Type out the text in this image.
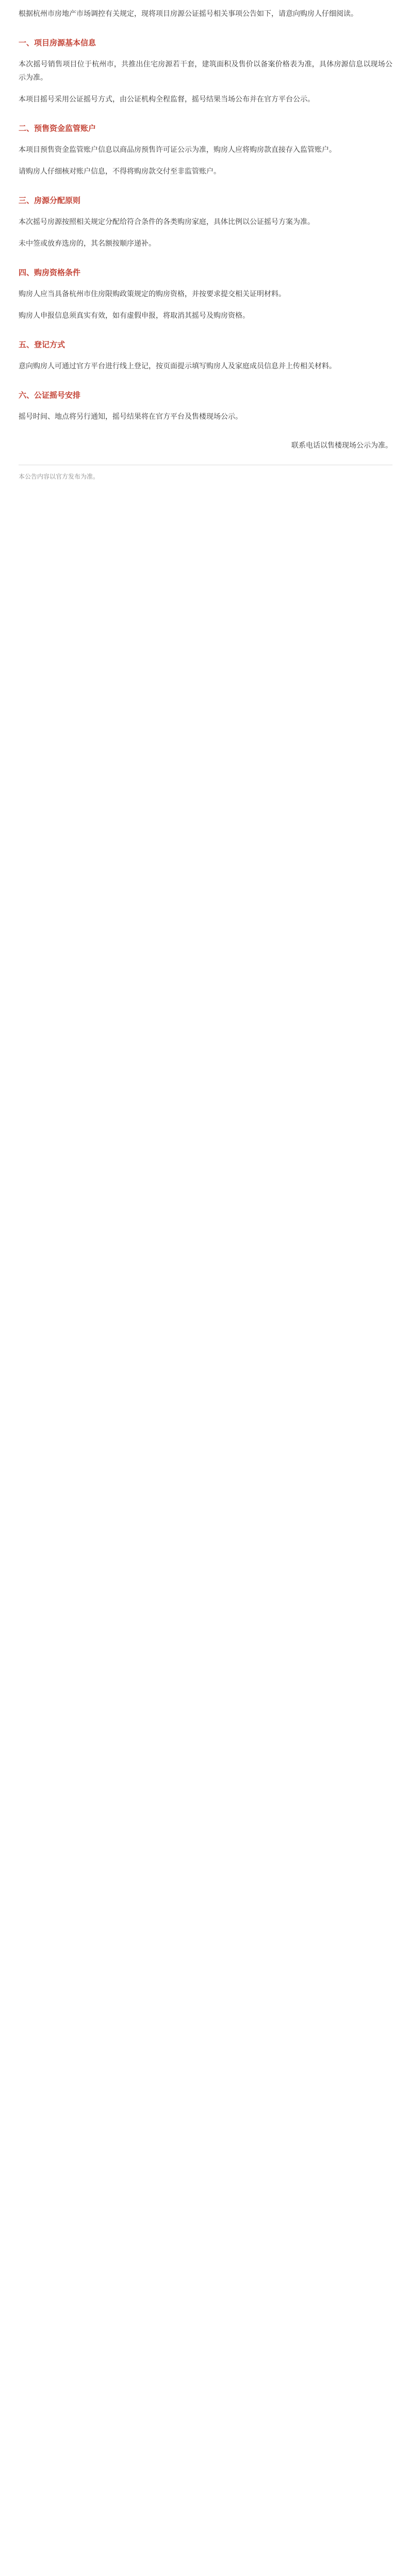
根据杭州市房地产市场调控有关规定，现将项目房源公证摇号相关事项公告如下，请意向购房人仔细阅读。

一、项目房源基本信息

本次摇号销售项目位于杭州市，共推出住宅房源若干套，建筑面积及售价以备案价格表为准，具体房源信息以现场公示为准。

本项目摇号采用公证摇号方式，由公证机构全程监督，摇号结果当场公布并在官方平台公示。

二、预售资金监管账户

本项目预售资金监管账户信息以商品房预售许可证公示为准，购房人应将购房款直接存入监管账户。

请购房人仔细核对账户信息，不得将购房款交付至非监管账户。

三、房源分配原则

本次摇号房源按照相关规定分配给符合条件的各类购房家庭，具体比例以公证摇号方案为准。

未中签或放弃选房的，其名额按顺序递补。

四、购房资格条件

购房人应当具备杭州市住房限购政策规定的购房资格，并按要求提交相关证明材料。

购房人申报信息须真实有效，如有虚假申报，将取消其摇号及购房资格。

五、登记方式

意向购房人可通过官方平台进行线上登记，按页面提示填写购房人及家庭成员信息并上传相关材料。

六、公证摇号安排

摇号时间、地点将另行通知，摇号结果将在官方平台及售楼现场公示。

联系电话以售楼现场公示为准。
本公告内容以官方发布为准。
